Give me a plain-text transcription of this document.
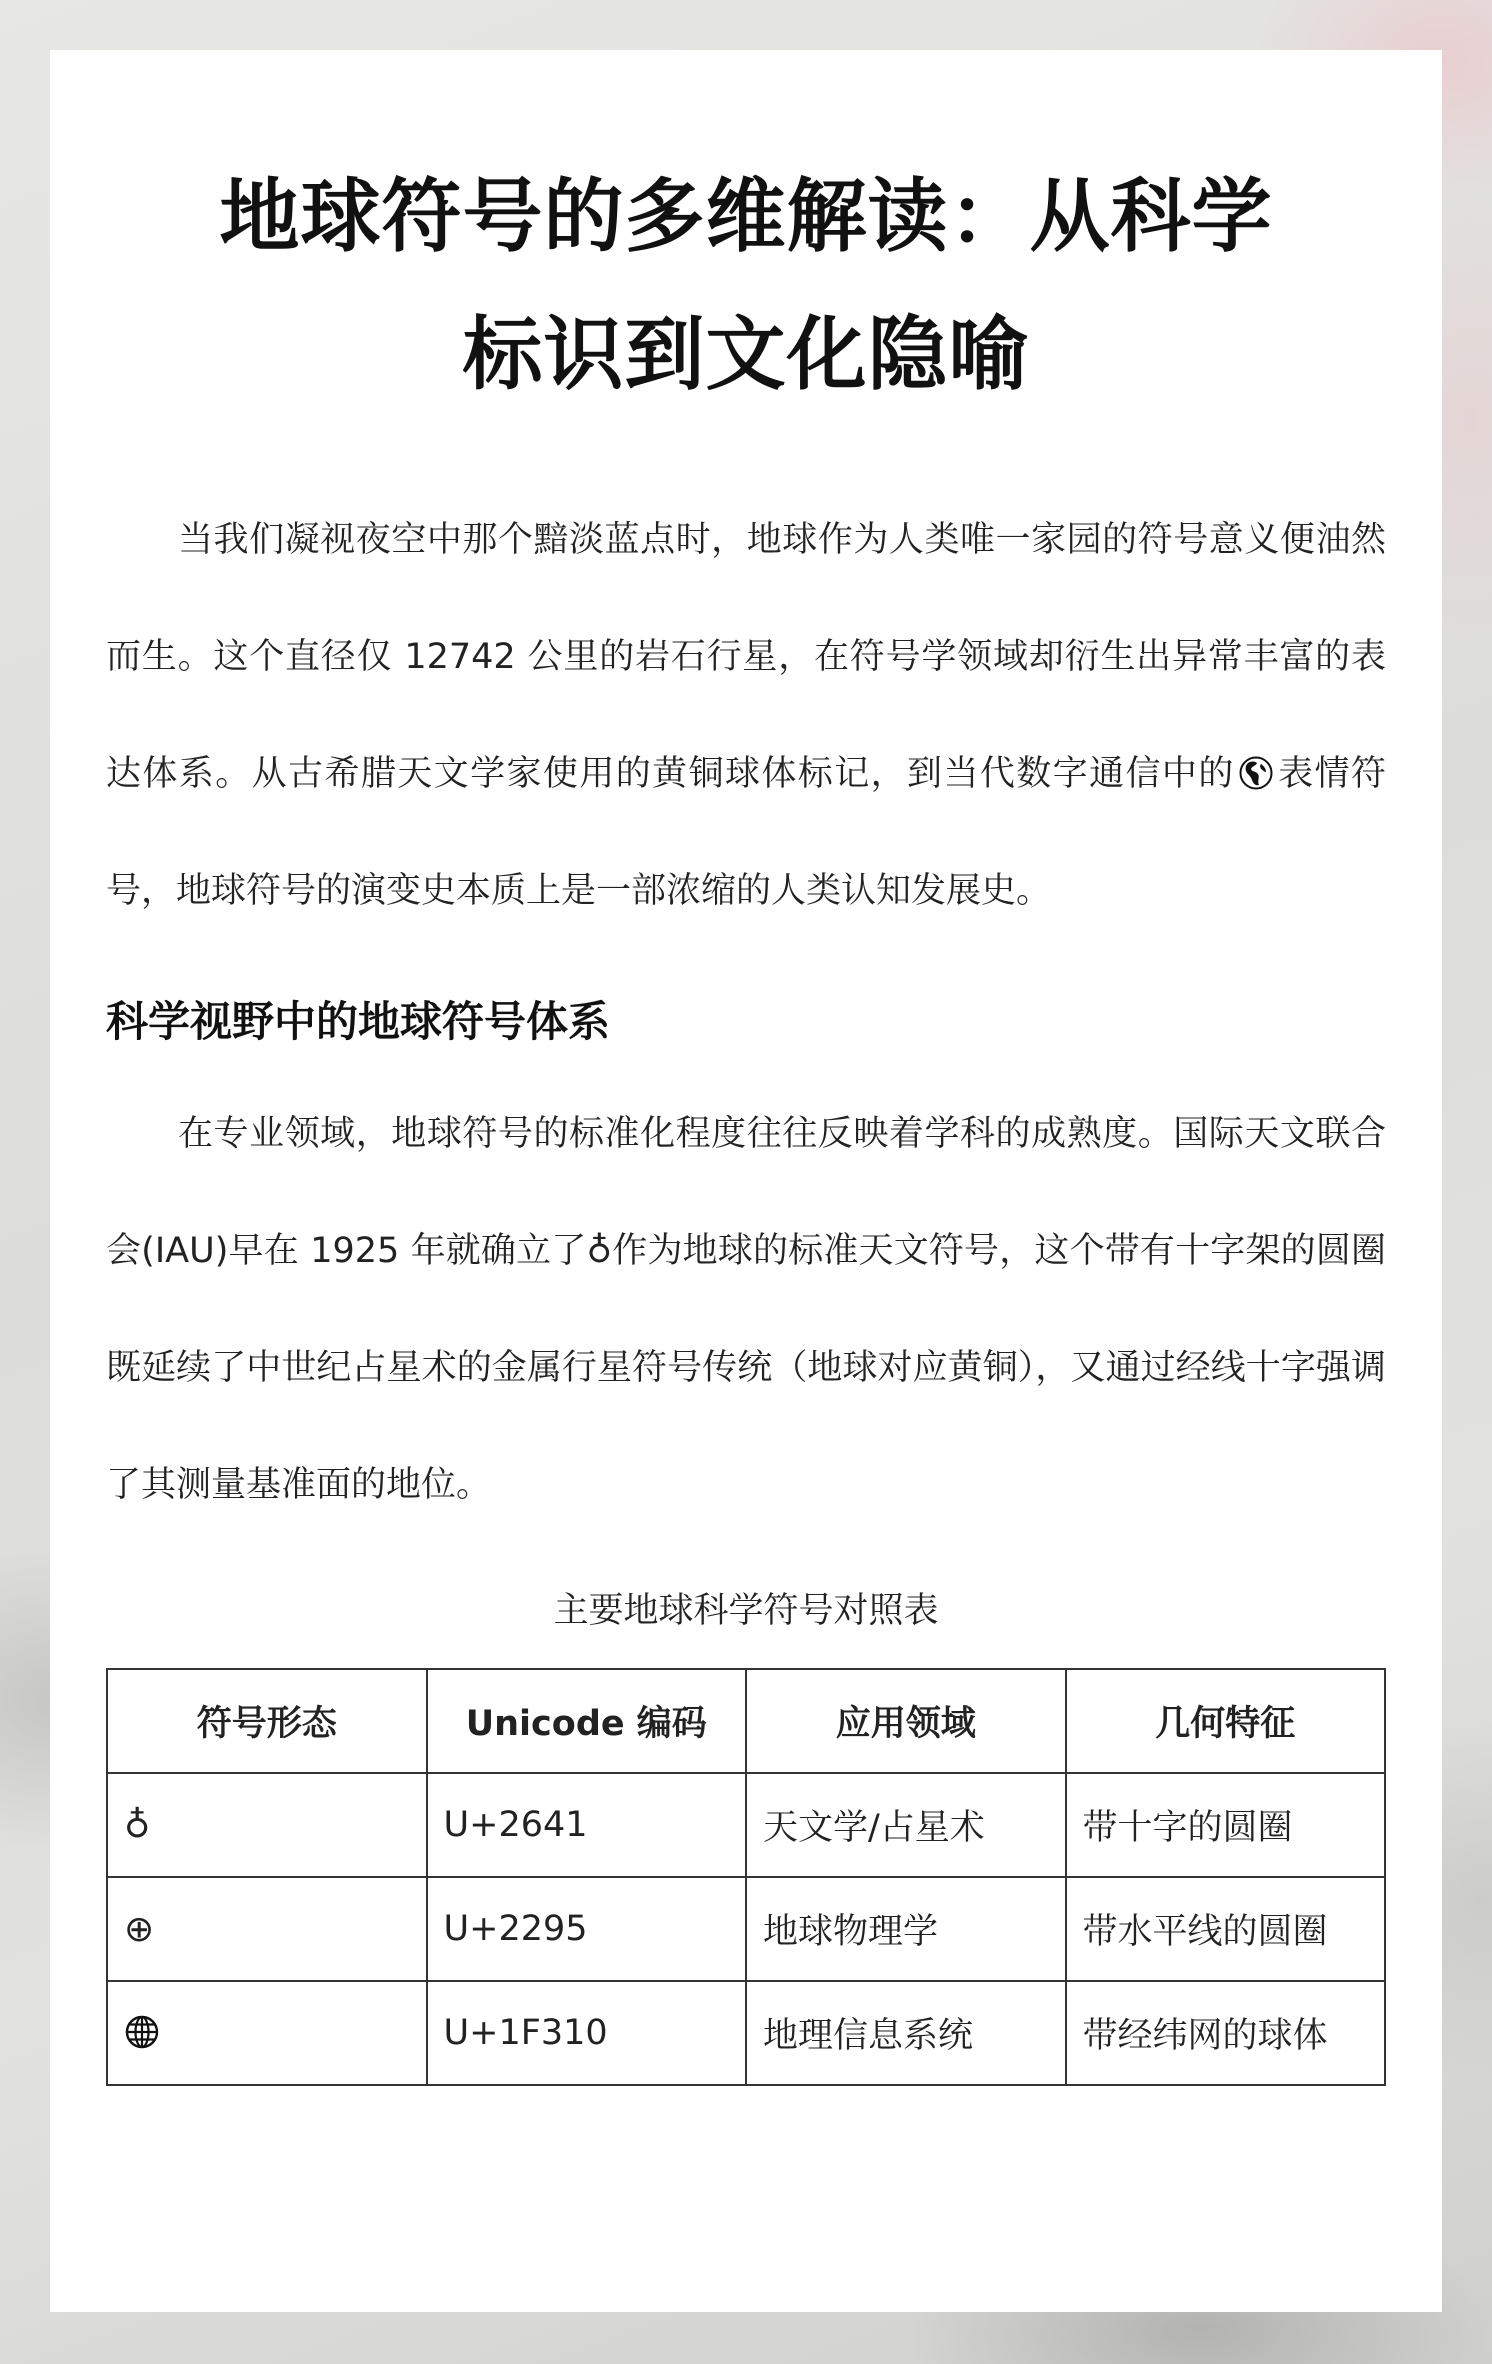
地球符号的多维解读：从科学
标识到文化隐喻

当我们凝视夜空中那个黯淡蓝点时，地球作为人类唯一家园的符号意义便油然而生。这个直径仅 12742 公里的岩石行星，在符号学领域却衍生出异常丰富的表达体系。从古希腊天文学家使用的黄铜球体标记，到当代数字通信中的 表情符号，地球符号的演变史本质上是一部浓缩的人类认知发展史。

科学视野中的地球符号体系

在专业领域，地球符号的标准化程度往往反映着学科的成熟度。国际天文联合会(IAU)早在 1925 年就确立了♁作为地球的标准天文符号，这个带有十字架的圆圈既延续了中世纪占星术的金属行星符号传统（地球对应黄铜），又通过经线十字强调了其测量基准面的地位。

主要地球科学符号对照表
符号形态	Unicode 编码	应用领域	几何特征
♁	U+2641	天文学/占星术	带十字的圆圈
⊕	U+2295	地球物理学	带水平线的圆圈
	U+1F310	地理信息系统	带经纬网的球体
